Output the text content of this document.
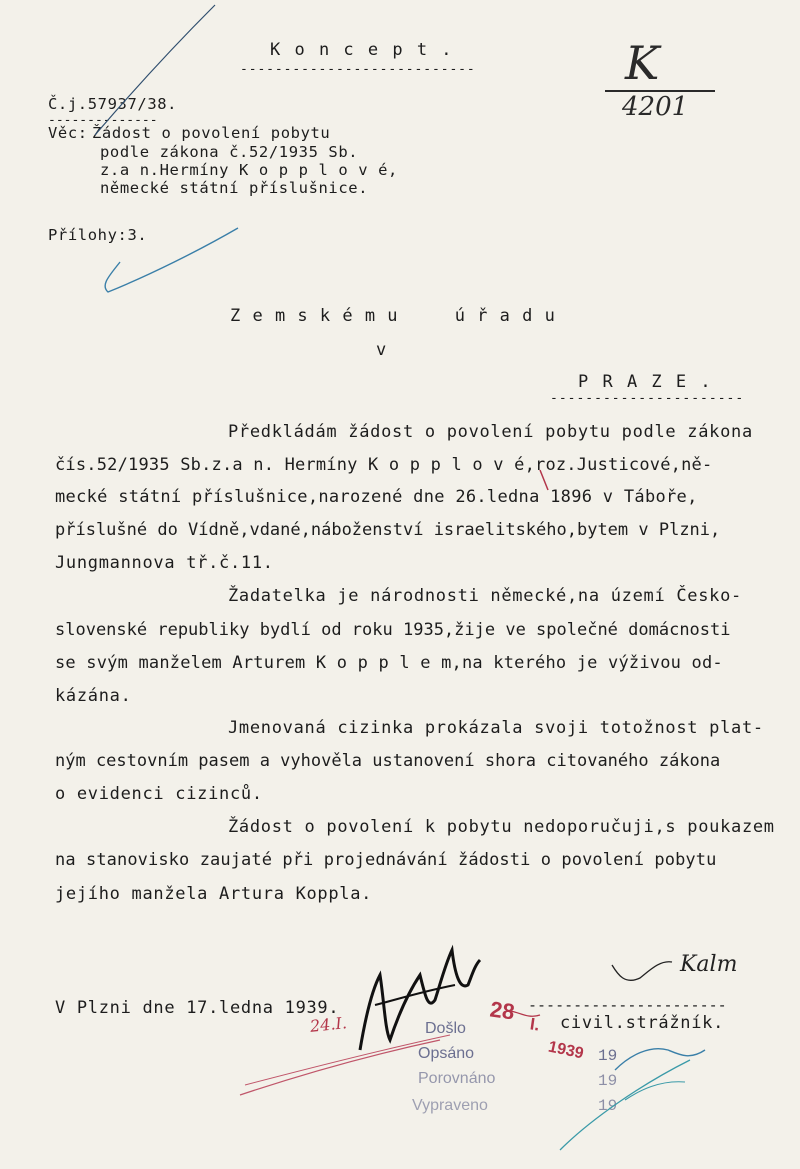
K o n c e p t .
---------------------------	K
4201
Č.j.57937/38.
--------------
Věc: Žádost o povolení pobytu
podle zákona č.52/1935 Sb.
z.a n.Hermíny K o p p l o v é,
německé státní příslušnice.
Přílohy:3.
Z e m s k é m u     ú ř a d u
v
P R A Z E .
----------------------
Předkládám žádost o povolení pobytu podle zákona
čís.52/1935 Sb.z.a n. Hermíny K o p p l o v é,roz.Justicové,ně-
mecké státní příslušnice,narozené dne 26.ledna 1896 v Táboře,
příslušné do Vídně,vdané,náboženství israelitského,bytem v Plzni,
Jungmannova tř.č.11.
Žadatelka je národnosti německé,na území Česko-
slovenské republiky bydlí od roku 1935,žije ve společné domácnosti
se svým manželem Arturem K o p p l e m,na kterého je výživou od-
kázána.
Jmenovaná cizinka prokázala svoji totožnost plat-
ným cestovním pasem a vyhověla ustanovení shora citovaného zákona
o evidenci cizinců.
Žádost o povolení k pobytu nedoporučuji,s poukazem
na stanovisko zaujaté při projednávání žádosti o povolení pobytu
jejího manžela Artura Koppla.
V Plzni dne 17.ledna 1939.	----------------------
civil.strážník.
24.I.
Kalm
Došlo
Opsáno
Porovnáno
Vypraveno
19
19
19
28 I.
1939
